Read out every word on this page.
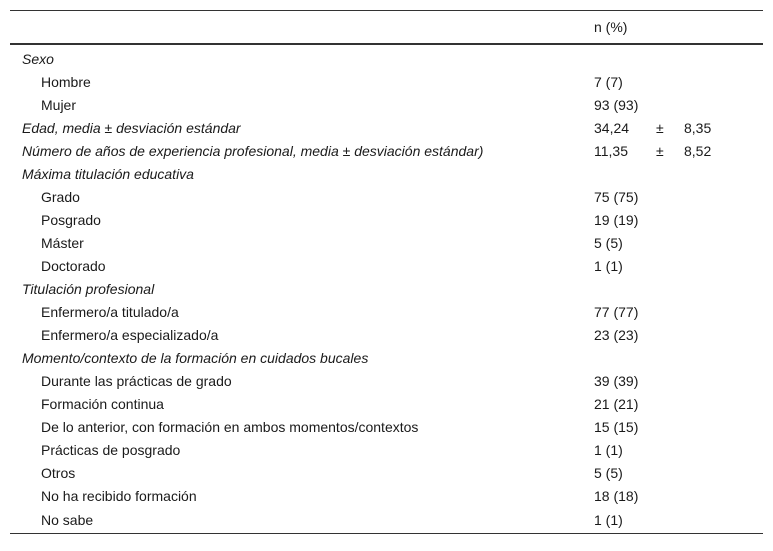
	n (%)
Sexo	
Hombre	7 (7)
Mujer	93 (93)
Edad, media ± desviación estándar	34,24 ± 8,35
Número de años de experiencia profesional, media ± desviación estándar)	11,35 ± 8,52
Máxima titulación educativa	
Grado	75 (75)
Posgrado	19 (19)
Máster	5 (5)
Doctorado	1 (1)
Titulación profesional	
Enfermero/a titulado/a	77 (77)
Enfermero/a especializado/a	23 (23)
Momento/contexto de la formación en cuidados bucales	
Durante las prácticas de grado	39 (39)
Formación continua	21 (21)
De lo anterior, con formación en ambos momentos/contextos	15 (15)
Prácticas de posgrado	1 (1)
Otros	5 (5)
No ha recibido formación	18 (18)
No sabe	1 (1)
